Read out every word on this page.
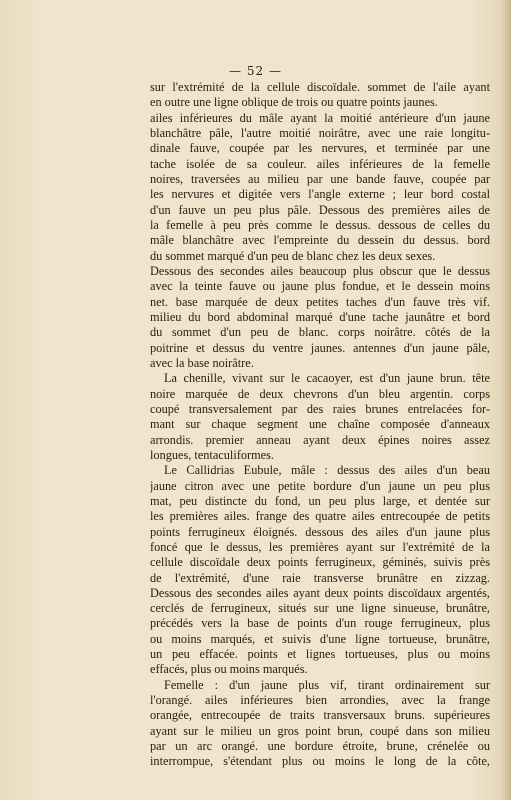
— 52 —
sur l'extrémité de la cellule discoïdale. sommet de l'aile ayant
en outre une ligne oblique de trois ou quatre points jaunes.
ailes inférieures du mâle ayant la moitié antérieure d'un jaune
blanchâtre pâle, l'autre moitié noirâtre, avec une raie longitu-
dinale fauve, coupée par les nervures, et terminée par une
tache isolée de sa couleur. ailes inférieures de la femelle
noires, traversées au milieu par une bande fauve, coupée par
les nervures et digitée vers l'angle externe ; leur bord costal
d'un fauve un peu plus pâle. Dessous des premières ailes de
la femelle à peu près comme le dessus. dessous de celles du
mâle blanchâtre avec l'empreinte du dessein du dessus. bord
du sommet marqué d'un peu de blanc chez les deux sexes.
Dessous des secondes ailes beaucoup plus obscur que le dessus
avec la teinte fauve ou jaune plus fondue, et le dessein moins
net. base marquée de deux petites taches d'un fauve très vif.
milieu du bord abdominal marqué d'une tache jaunâtre et bord
du sommet d'un peu de blanc. corps noirâtre. côtés de la
poitrine et dessus du ventre jaunes. antennes d'un jaune pâle,
avec la base noirâtre.
La chenille, vivant sur le cacaoyer, est d'un jaune brun. tête
noire marquée de deux chevrons d'un bleu argentin. corps
coupé transversalement par des raies brunes entrelacées for-
mant sur chaque segment une chaîne composée d'anneaux
arrondis. premier anneau ayant deux épines noires assez
longues, tentaculiformes.
Le Callidrias Eubule, mâle : dessus des ailes d'un beau
jaune citron avec une petite bordure d'un jaune un peu plus
mat, peu distincte du fond, un peu plus large, et dentée sur
les premières ailes. frange des quatre ailes entrecoupée de petits
points ferrugineux éloignés. dessous des ailes d'un jaune plus
foncé que le dessus, les premières ayant sur l'extrémité de la
cellule discoïdale deux points ferrugineux, géminés, suivis près
de l'extrémité, d'une raie transverse brunâtre en zizzag.
Dessous des secondes ailes ayant deux points discoïdaux argentés,
cerclés de ferrugineux, situés sur une ligne sinueuse, brunâtre,
précédés vers la base de points d'un rouge ferrugineux, plus
ou moins marqués, et suivis d'une ligne tortueuse, brunâtre,
un peu effacée. points et lignes tortueuses, plus ou moins
effacés, plus ou moins marqués.
Femelle : d'un jaune plus vif, tirant ordinairement sur
l'orangé. ailes inférieures bien arrondies, avec la frange
orangée, entrecoupée de traits transversaux bruns. supérieures
ayant sur le milieu un gros point brun, coupé dans son milieu
par un arc orangé. une bordure étroite, brune, crénelée ou
interrompue, s'étendant plus ou moins le long de la côte,
